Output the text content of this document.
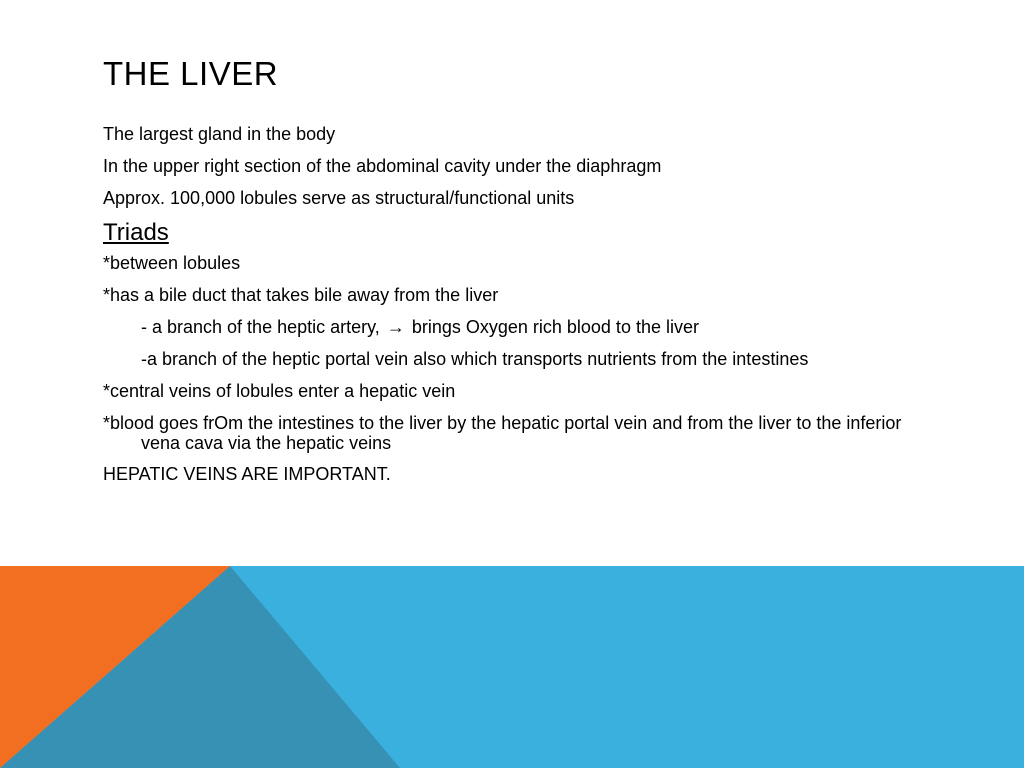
THE LIVER
The largest gland in the body
In the upper right section of the abdominal cavity under the diaphragm
Approx. 100,000 lobules serve as structural/functional units
Triads
*between lobules
*has a bile duct that takes bile away from the liver
- a branch of the heptic artery, → brings Oxygen rich blood to the liver
-a branch of the heptic portal vein also which transports nutrients from the intestines
*central veins of lobules enter a hepatic vein
*blood goes frOm the intestines to the liver by the hepatic portal vein and from the liver to the inferior vena cava via the hepatic veins
HEPATIC VEINS ARE IMPORTANT.
